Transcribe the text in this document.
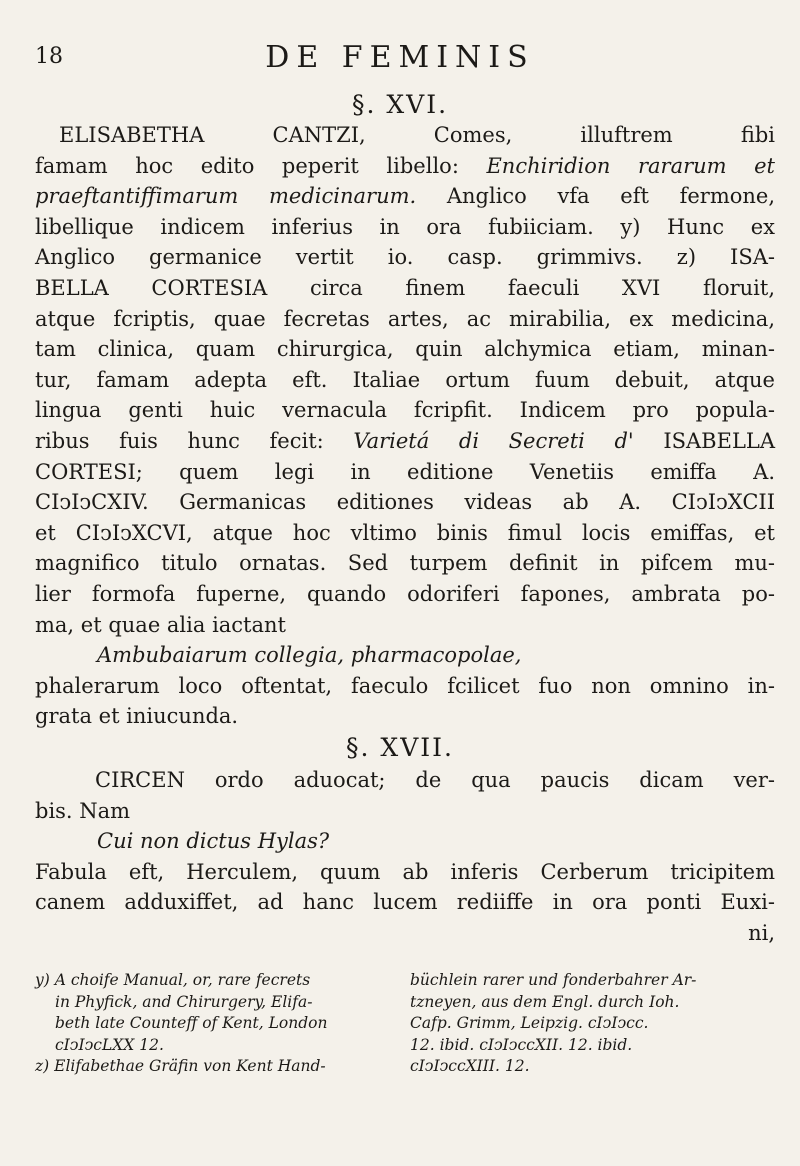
18	DE FEMINIS
§. XVI.
ELISABETHA CANTZI, Comes, illuftrem fibi
famam hoc edito peperit libello: Enchiridion rararum et
praeftantiffimarum medicinarum. Anglico vfa eft fermone,
libellique indicem inferius in ora fubiiciam. y) Hunc ex
Anglico germanice vertit io. casp. grimmivs. z) ISA-
BELLA CORTESIA circa finem faeculi XVI floruit,
atque fcriptis, quae fecretas artes, ac mirabilia, ex medicina,
tam clinica, quam chirurgica, quin alchymica etiam, minan-
tur, famam adepta eft. Italiae ortum fuum debuit, atque
lingua genti huic vernacula fcripfit. Indicem pro popula-
ribus fuis hunc fecit: Varietá di Secreti d' ISABELLA
CORTESI; quem legi in editione Venetiis emiffa A.
CIↄIↄCXIV. Germanicas editiones videas ab A. CIↄIↄXCII
et CIↄIↄXCVI, atque hoc vltimo binis fimul locis emiffas, et
magnifico titulo ornatas. Sed turpem definit in pifcem mu-
lier formofa fuperne, quando odoriferi fapones, ambrata po-
ma, et quae alia iactant
Ambubaiarum collegia, pharmacopolae,
phalerarum loco oftentat, faeculo fcilicet fuo non omnino in-
grata et iniucunda.
§. XVII.
CIRCEN ordo aduocat; de qua paucis dicam ver-
bis. Nam
Cui non dictus Hylas?
Fabula eft, Herculem, quum ab inferis Cerberum tricipitem
canem adduxiffet, ad hanc lucem rediiffe in ora ponti Euxi-
ni,
y) A choife Manual, or, rare fecrets
in Phyfick, and Chirurgery, Elifa-
beth late Counteff of Kent, London
cIↄIↄcLXX 12.
z) Elifabethae Gräfin von Kent Hand-
büchlein rarer und fonderbahrer Ar-
tzneyen, aus dem Engl. durch Ioh.
Cafp. Grimm, Leipzig. cIↄIↄcc.
12. ibid. cIↄIↄccXII. 12. ibid.
cIↄIↄccXIII. 12.
